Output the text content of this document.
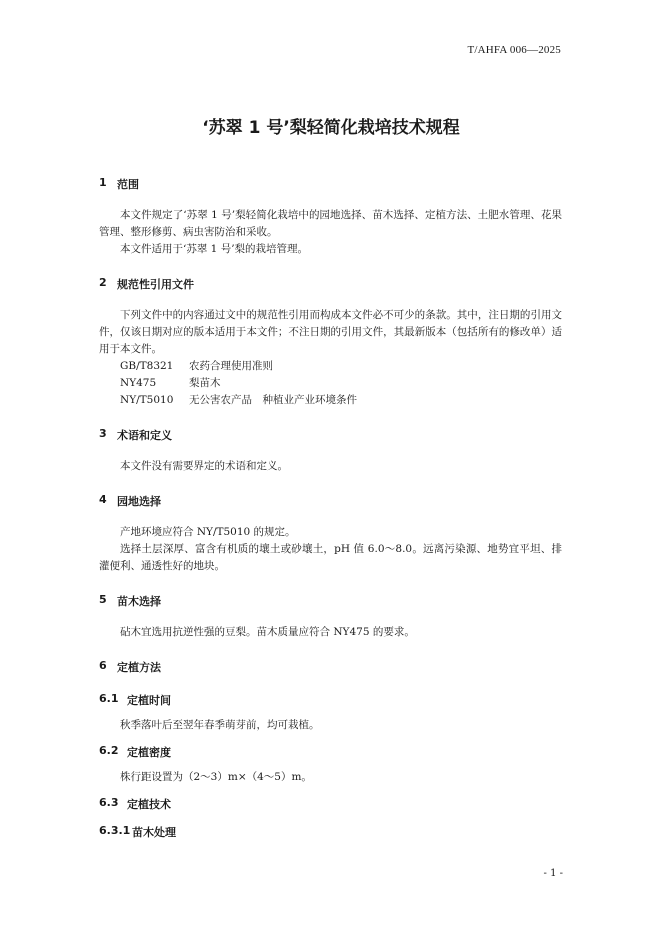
T/AHFA 006—2025
‘苏翠 1 号’梨轻简化栽培技术规程
1 范围

本文件规定了‘苏翠 1 号’梨轻简化栽培中的园地选择、苗木选择、定植方法、土肥水管理、花果管理、整形修剪、病虫害防治和采收。

本文件适用于‘苏翠 1 号’梨的栽培管理。

2 规范性引用文件

下列文件中的内容通过文中的规范性引用而构成本文件必不可少的条款。其中，注日期的引用文件，仅该日期对应的版本适用于本文件；不注日期的引用文件，其最新版本（包括所有的修改单）适用于本文件。

GB/T8321	农药合理使用准则
NY475	梨苗木
NY/T5010	无公害农产品　种植业产业环境条件
3 术语和定义

本文件没有需要界定的术语和定义。

4 园地选择

产地环境应符合 NY/T5010 的规定。

选择土层深厚、富含有机质的壤土或砂壤土，pH 值 6.0～8.0。远离污染源、地势宜平坦、排灌便利、通透性好的地块。

5 苗木选择

砧木宜选用抗逆性强的豆梨。苗木质量应符合 NY475 的要求。

6 定植方法
6.1 定植时间

秋季落叶后至翌年春季萌芽前，均可栽植。

6.2 定植密度

株行距设置为（2～3）m×（4～5）m。

6.3 定植技术
6.3.1 苗木处理
- 1 -
